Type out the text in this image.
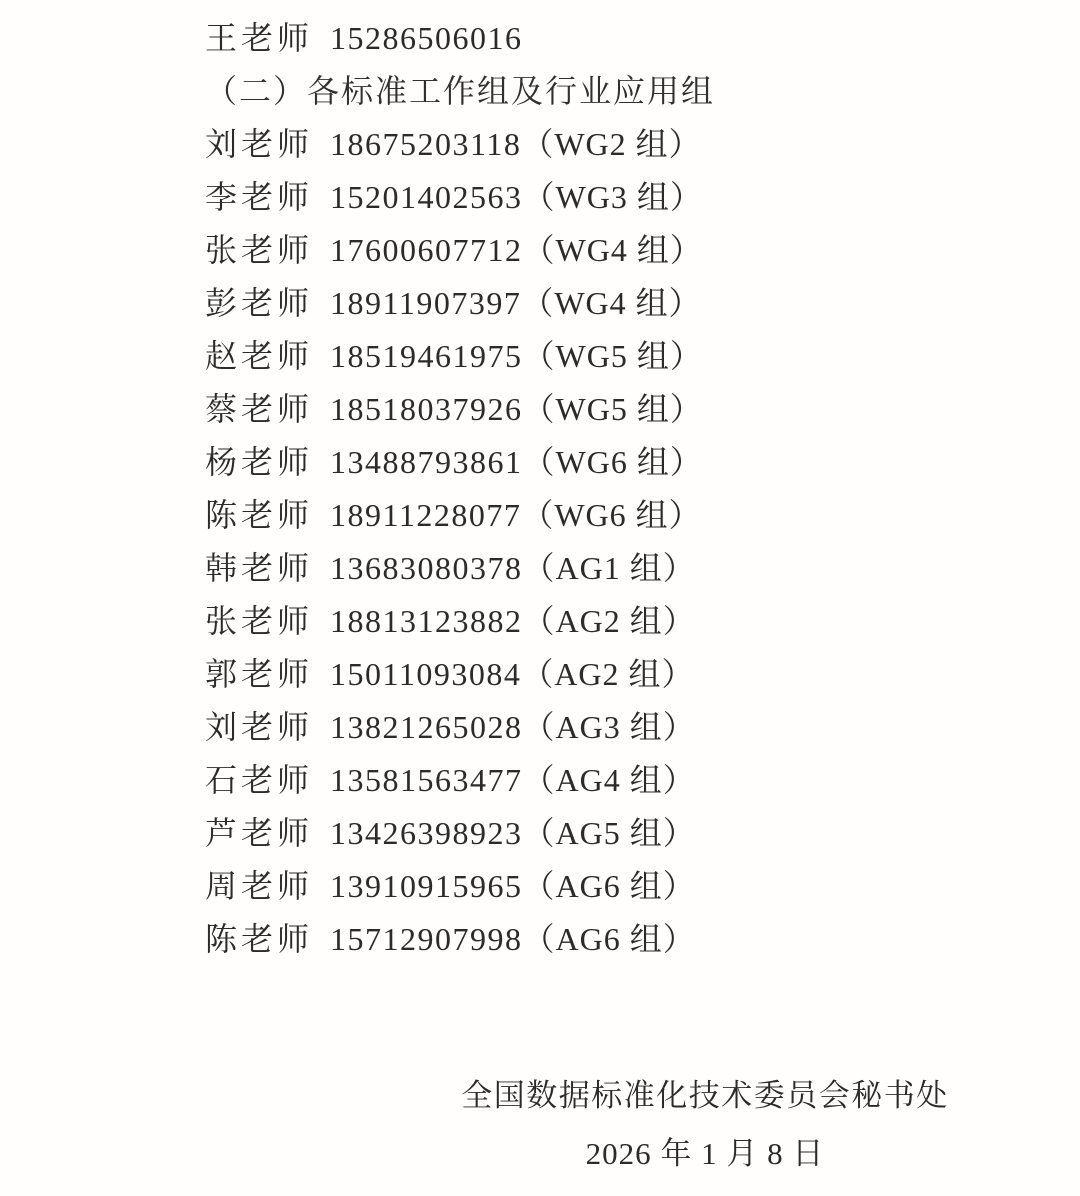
王老师 15286506016
（二）各标准工作组及行业应用组
刘老师 18675203118（WG2 组）
李老师 15201402563（WG3 组）
张老师 17600607712（WG4 组）
彭老师 18911907397（WG4 组）
赵老师 18519461975（WG5 组）
蔡老师 18518037926（WG5 组）
杨老师 13488793861（WG6 组）
陈老师 18911228077（WG6 组）
韩老师 13683080378（AG1 组）
张老师 18813123882（AG2 组）
郭老师 15011093084（AG2 组）
刘老师 13821265028（AG3 组）
石老师 13581563477（AG4 组）
芦老师 13426398923（AG5 组）
周老师 13910915965（AG6 组）
陈老师 15712907998（AG6 组）
全国数据标准化技术委员会秘书处
2026 年 1 月 8 日
